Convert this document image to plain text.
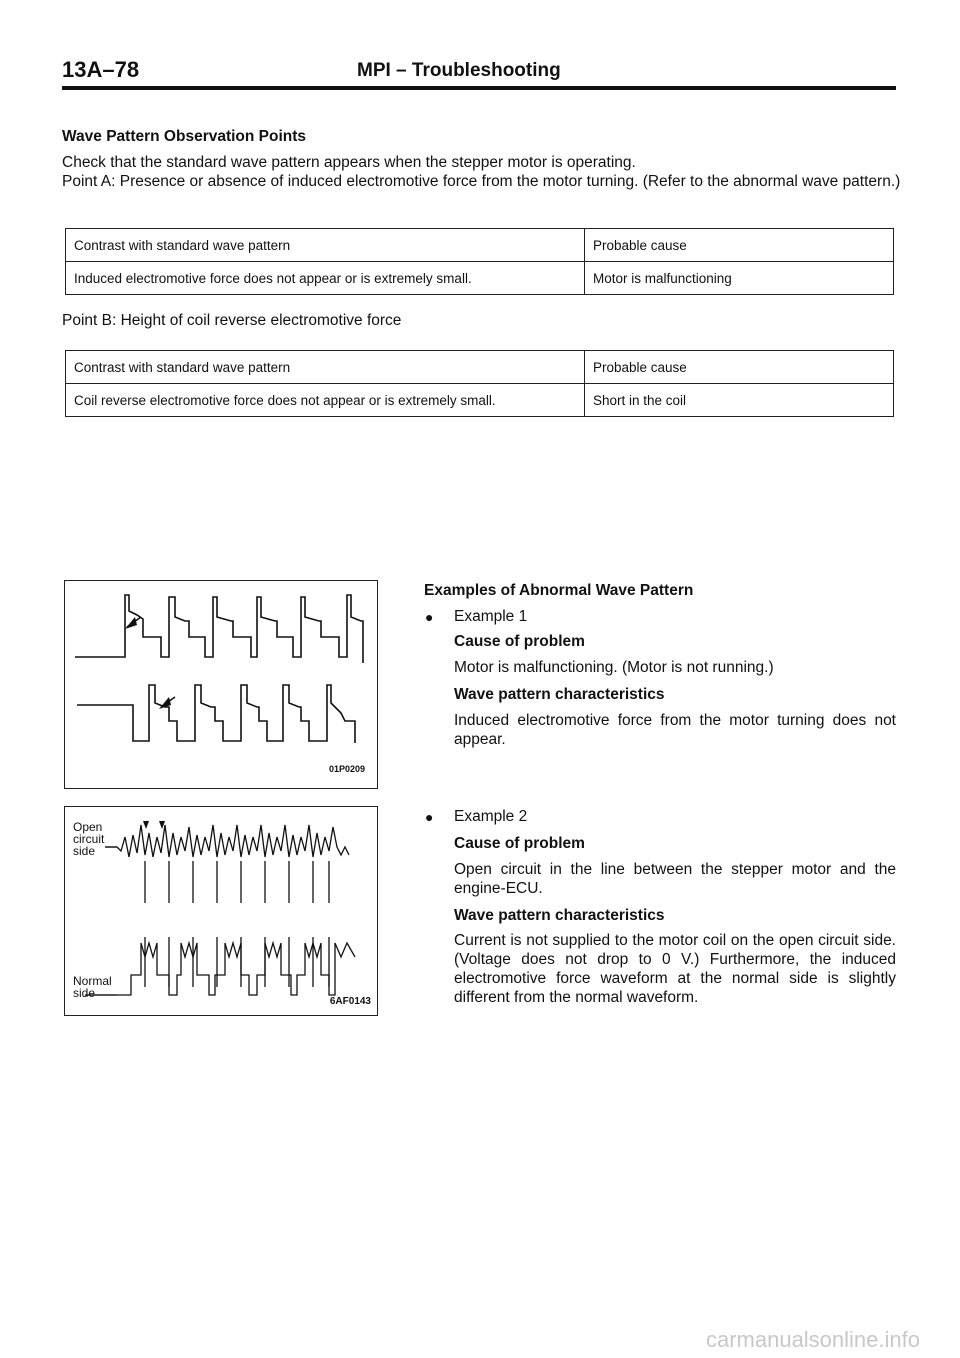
13A–78	MPI – Troubleshooting
Wave Pattern Observation Points
Check that the standard wave pattern appears when the stepper motor is operating.
Point A: Presence or absence of induced electromotive force from the motor turning. (Refer to the abnormal wave pattern.)
Contrast with standard wave pattern	Probable cause
Induced electromotive force does not appear or is extremely small.	Motor is malfunctioning
Point B: Height of coil reverse electromotive force
Contrast with standard wave pattern	Probable cause
Coil reverse electromotive force does not appear or is extremely small.	Short in the coil
01P0209
Open circuit side
Normal side
6AF0143
Examples of Abnormal Wave Pattern
● Example 1
Cause of problem
Motor is malfunctioning. (Motor is not running.)
Wave pattern characteristics
Induced electromotive force from the motor turning does not appear.
● Example 2
Cause of problem
Open circuit in the line between the stepper motor and the engine-ECU.
Wave pattern characteristics
Current is not supplied to the motor coil on the open circuit side. (Voltage does not drop to 0 V.) Furthermore, the induced electromotive force waveform at the normal side is slightly different from the normal waveform.
carmanualsonline.info
